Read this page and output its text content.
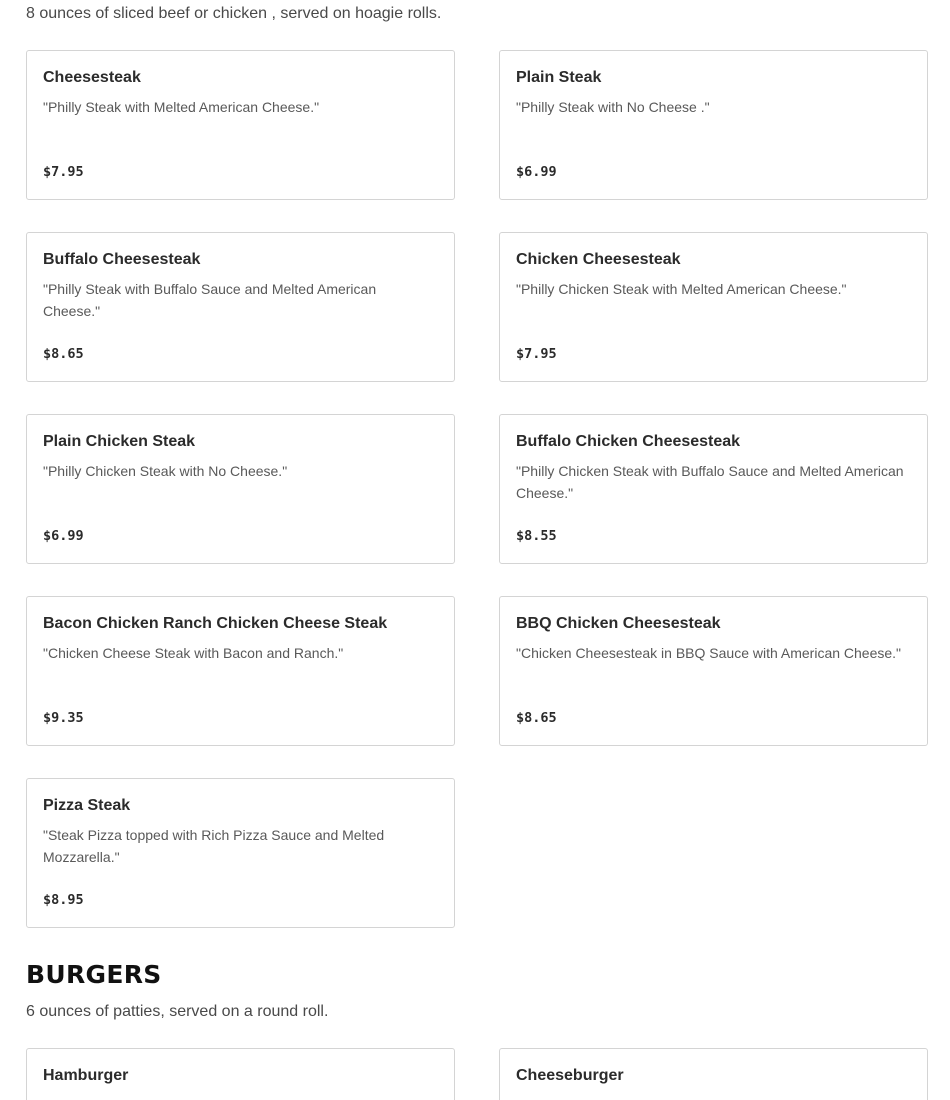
8 ounces of sliced beef or chicken , served on hoagie rolls.
Cheesesteak
"Philly Steak with Melted American Cheese."
$7.95
Plain Steak
"Philly Steak with No Cheese ."
$6.99
Buffalo Cheesesteak
"Philly Steak with Buffalo Sauce and Melted American Cheese."
$8.65
Chicken Cheesesteak
"Philly Chicken Steak with Melted American Cheese."
$7.95
Plain Chicken Steak
"Philly Chicken Steak with No Cheese."
$6.99
Buffalo Chicken Cheesesteak
"Philly Chicken Steak with Buffalo Sauce and Melted American Cheese."
$8.55
Bacon Chicken Ranch Chicken Cheese Steak
"Chicken Cheese Steak with Bacon and Ranch."
$9.35
BBQ Chicken Cheesesteak
"Chicken Cheesesteak in BBQ Sauce with American Cheese."
$8.65
Pizza Steak
"Steak Pizza topped with Rich Pizza Sauce and Melted Mozzarella."
$8.95
BURGERS
6 ounces of patties, served on a round roll.
Hamburger	Cheeseburger
